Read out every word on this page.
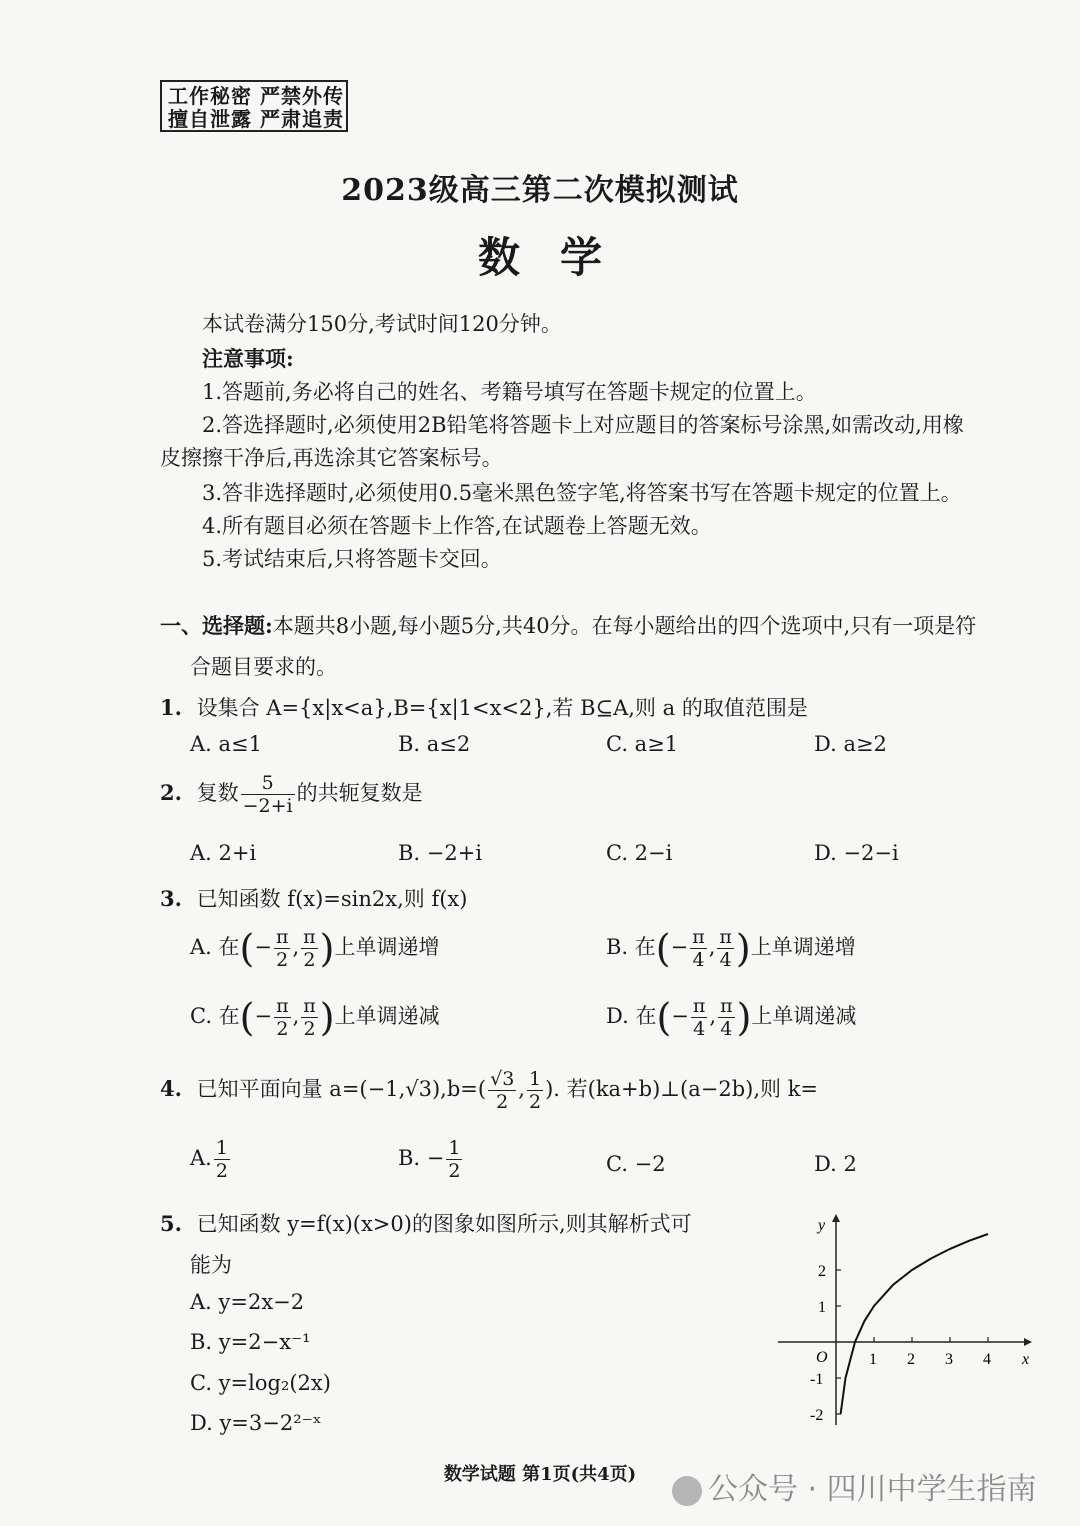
工作秘密 严禁外传
擅自泄露 严肃追责
2023级高三第二次模拟测试
数学
本试卷满分150分,考试时间120分钟。
注意事项:
1.答题前,务必将自己的姓名、考籍号填写在答题卡规定的位置上。
2.答选择题时,必须使用2B铅笔将答题卡上对应题目的答案标号涂黑,如需改动,用橡
皮擦擦干净后,再选涂其它答案标号。
3.答非选择题时,必须使用0.5毫米黑色签字笔,将答案书写在答题卡规定的位置上。
4.所有题目必须在答题卡上作答,在试题卷上答题无效。
5.考试结束后,只将答题卡交回。
一、选择题:本题共8小题,每小题5分,共40分。在每小题给出的四个选项中,只有一项是符
合题目要求的。
1. 设集合 A={x|x<a},B={x|1<x<2},若 B⊆A,则 a 的取值范围是
A. a≤1	B. a≤2	C. a≥1	D. a≥2
2. 复数 $\frac{5}{-2+i}$ 的共轭复数是
A. 2+i	B. −2+i	C. 2−i	D. −2−i
3. 已知函数 f(x)=sin2x,则 f(x)
A. 在(− $\frac{\pi}{2}$ , $\frac{\pi}{2}$ )上单调递增	B. 在(− $\frac{\pi}{4}$ , $\frac{\pi}{4}$ )上单调递增
C. 在(− $\frac{\pi}{2}$ , $\frac{\pi}{2}$ )上单调递减	D. 在(− $\frac{\pi}{4}$ , $\frac{\pi}{4}$ )上单调递减
4. 已知平面向量 $a=(-1,√3),b=( \frac{√3}{2}$ , $\frac{1}{2}$ ). 若(ka+b)⊥(a−2b),则 k=
A. $\frac{1}{2}$	B. − $\frac{1}{2}$	C. −2	D. 2
5. 已知函数 y=f(x)(x>0)的图象如图所示,则其解析式可
能为
A. y=2x−2
B. y=2−x⁻¹
C. y=log₂(2x)
D. y=3−2²⁻ˣ
x
y
O	1 2 3 4
2
1
-1
-2
数学试题 第1页(共4页)	公众号 · 四川中学生指南
